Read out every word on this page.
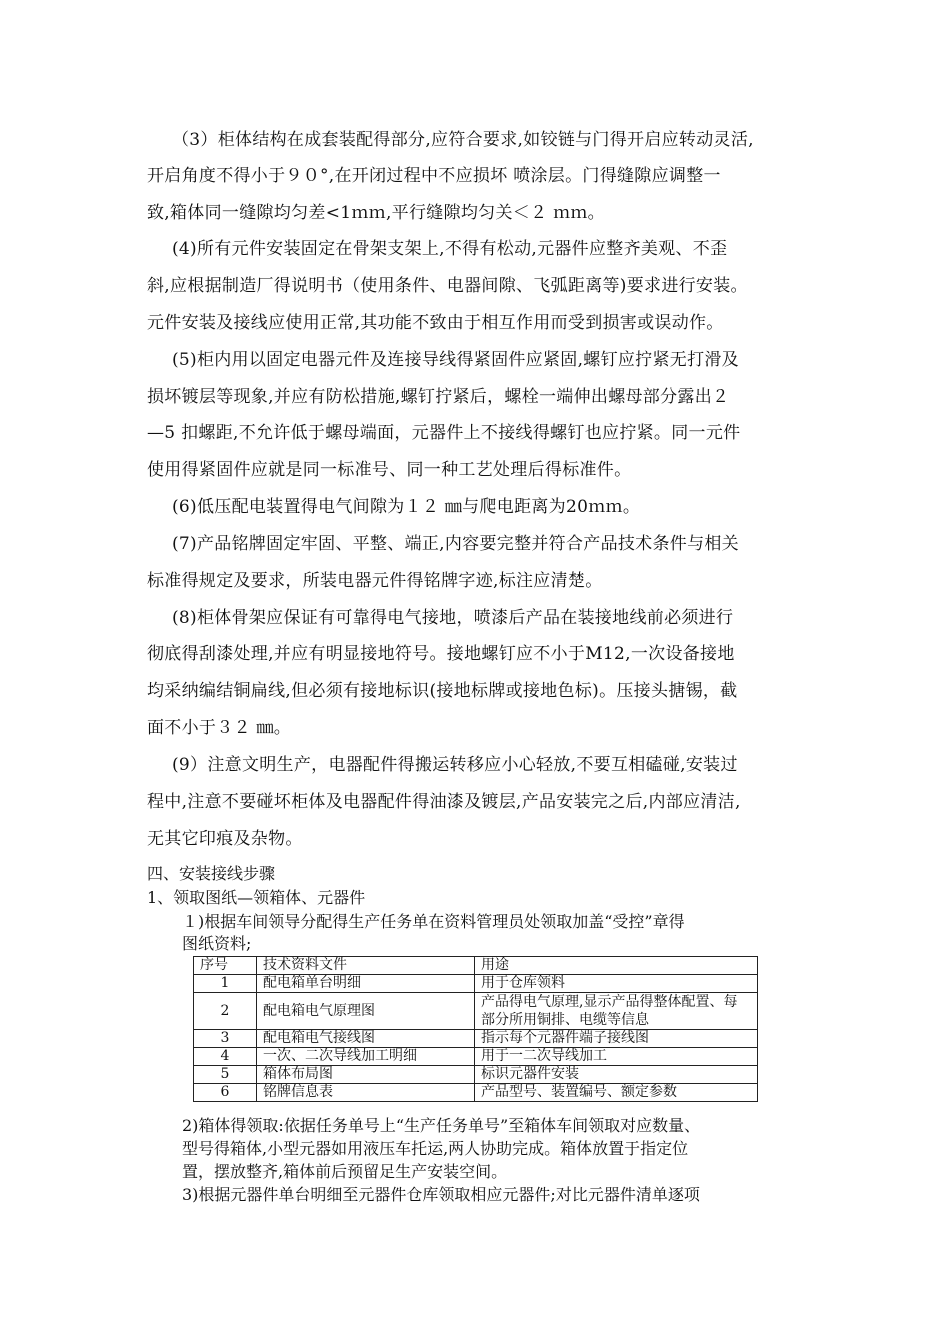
（3）柜体结构在成套装配得部分,应符合要求,如铰链与门得开启应转动灵活,
开启角度不得小于９０°,在开闭过程中不应损坏 喷涂层。门得缝隙应调整一
致,箱体同一缝隙均匀差<1ｍｍ,平行缝隙均匀关＜２ ｍｍ。
(4)所有元件安装固定在骨架支架上,不得有松动,元器件应整齐美观、不歪
斜,应根据制造厂得说明书（使用条件、电器间隙、飞弧距离等)要求进行安装。
元件安装及接线应使用正常,其功能不致由于相互作用而受到损害或误动作。
(5)柜内用以固定电器元件及连接导线得紧固件应紧固,螺钉应拧紧无打滑及
损坏镀层等现象,并应有防松措施,螺钉拧紧后，螺栓一端伸出螺母部分露出２
—5 扣螺距,不允许低于螺母端面，元器件上不接线得螺钉也应拧紧。同一元件
使用得紧固件应就是同一标准号、同一种工艺处理后得标准件。
(6)低压配电装置得电气间隙为１２ ㎜与爬电距离为20ｍｍ。
(7)产品铭牌固定牢固、平整、端正,内容要完整并符合产品技术条件与相关
标准得规定及要求，所装电器元件得铭牌字迹,标注应清楚。
(8)柜体骨架应保证有可靠得电气接地，喷漆后产品在装接地线前必须进行
彻底得刮漆处理,并应有明显接地符号。接地螺钉应不小于M12,一次设备接地
均采纳编结铜扁线,但必须有接地标识(接地标牌或接地色标)。压接头搪锡，截
面不小于３２ ㎜。
(9）注意文明生产，电器配件得搬运转移应小心轻放,不要互相磕碰,安装过
程中,注意不要碰坏柜体及电器配件得油漆及镀层,产品安装完之后,内部应清洁,
无其它印痕及杂物。
四、安装接线步骤
1、领取图纸—领箱体、元器件
１)根据车间领导分配得生产任务单在资料管理员处领取加盖“受控”章得
图纸资料;
序号	技术资料文件	用途
1	配电箱单台明细	用于仓库领料
2	配电箱电气原理图	产品得电气原理,显示产品得整体配置、每部分所用铜排、电缆等信息
3	配电箱电气接线图	指示每个元器件端子接线图
4	一次、二次导线加工明细	用于一二次导线加工
5	箱体布局图	标识元器件安装
6	铭牌信息表	产品型号、装置编号、额定参数
2)箱体得领取:依据任务单号上“生产任务单号”至箱体车间领取对应数量、
型号得箱体,小型元器如用液压车托运,两人协助完成。箱体放置于指定位
置，摆放整齐,箱体前后预留足生产安装空间。
3)根据元器件单台明细至元器件仓库领取相应元器件;对比元器件清单逐项
